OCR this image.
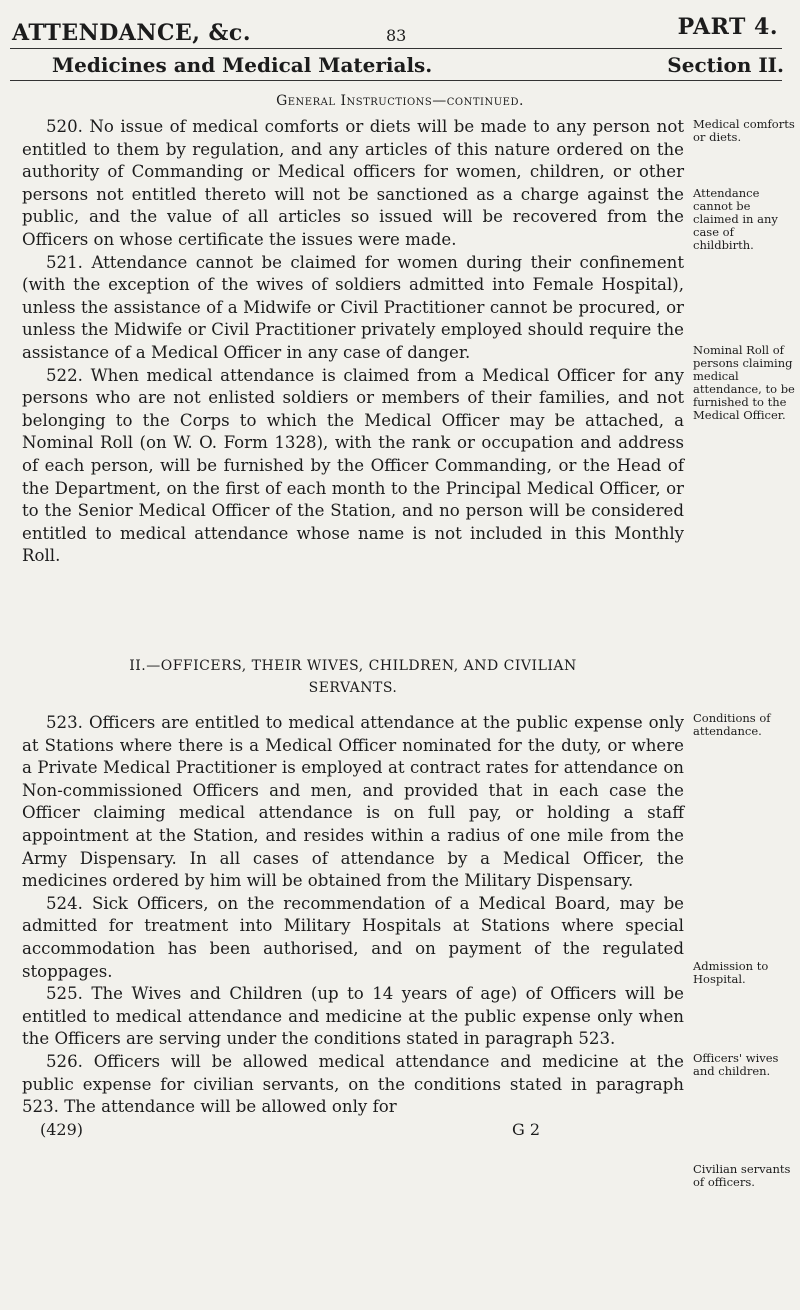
ATTENDANCE, &c.	83	PART 4.
Medicines and Medical Materials.	Section II.
General Instructions—continued.

520. No issue of medical comforts or diets will be made to any person not entitled to them by regulation, and any articles of this nature ordered on the authority of Commanding or Medical officers for women, children, or other persons not entitled thereto will not be sanctioned as a charge against the public, and the value of all articles so issued will be recovered from the Officers on whose certificate the issues were made.

521. Attendance cannot be claimed for women during their confinement (with the exception of the wives of soldiers admitted into Female Hospital), unless the assistance of a Midwife or Civil Practitioner cannot be procured, or unless the Midwife or Civil Practitioner privately employed should require the assistance of a Medical Officer in any case of danger.

522. When medical attendance is claimed from a Medical Officer for any persons who are not enlisted soldiers or members of their families, and not belonging to the Corps to which the Medical Officer may be attached, a Nominal Roll (on W. O. Form 1328), with the rank or occupation and address of each person, will be furnished by the Officer Commanding, or the Head of the Department, on the first of each month to the Principal Medical Officer, or to the Senior Medical Officer of the Station, and no person will be considered entitled to medical attendance whose name is not included in this Monthly Roll.

II.—OFFICERS, THEIR WIVES, CHILDREN, AND CIVILIAN
SERVANTS.

523. Officers are entitled to medical attendance at the public expense only at Stations where there is a Medical Officer nominated for the duty, or where a Private Medical Practitioner is employed at contract rates for attendance on Non-commissioned Officers and men, and provided that in each case the Officer claiming medical attendance is on full pay, or holding a staff appointment at the Station, and resides within a radius of one mile from the Army Dispensary. In all cases of attendance by a Medical Officer, the medicines ordered by him will be obtained from the Military Dispensary.

524. Sick Officers, on the recommendation of a Medical Board, may be admitted for treatment into Military Hospitals at Stations where special accommodation has been authorised, and on payment of the regulated stoppages.

525. The Wives and Children (up to 14 years of age) of Officers will be entitled to medical attendance and medicine at the public expense only when the Officers are serving under the conditions stated in paragraph 523.

526. Officers will be allowed medical attendance and medicine at the public expense for civilian servants, on the conditions stated in paragraph 523. The attendance will be allowed only for

(429)	G 2
Medical comforts or diets.
Attendance cannot be claimed in any case of childbirth.
Nominal Roll of persons claiming medical attendance, to be furnished to the Medical Officer.
Conditions of attendance.
Admission to Hospital.
Officers' wives and children.
Civilian servants of officers.
